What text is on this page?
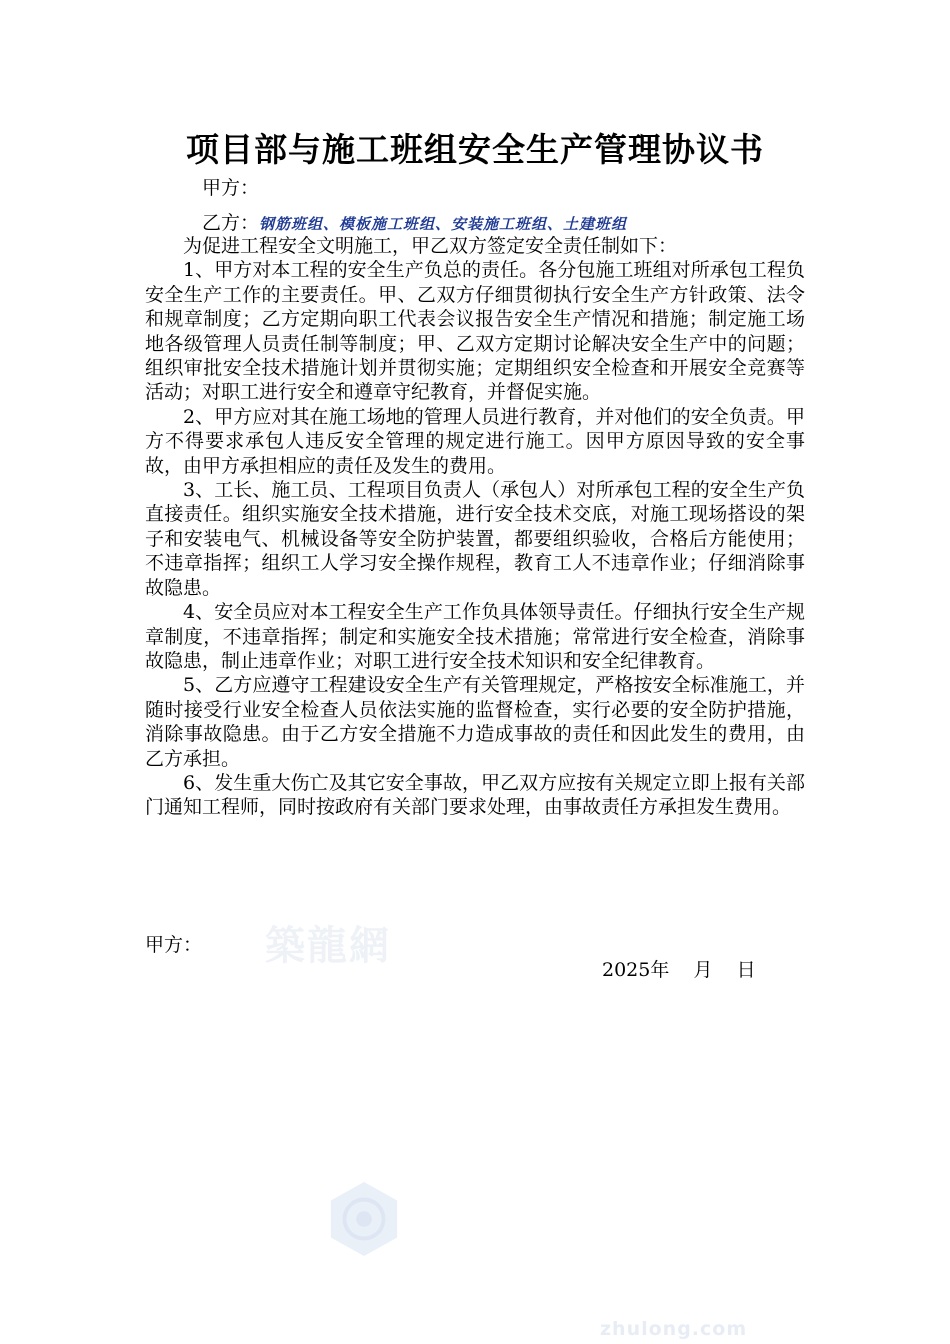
築龍網
zhulong.com
项目部与施工班组安全生产管理协议书
甲方：
乙方：钢筋班组、模板施工班组、安装施工班组、土建班组

为促进工程安全文明施工，甲乙双方签定安全责任制如下：

1、甲方对本工程的安全生产负总的责任。各分包施工班组对所承包工程负安全生产工作的主要责任。甲、乙双方仔细贯彻执行安全生产方针政策、法令和规章制度；乙方定期向职工代表会议报告安全生产情况和措施；制定施工场地各级管理人员责任制等制度；甲、乙双方定期讨论解决安全生产中的问题；组织审批安全技术措施计划并贯彻实施；定期组织安全检查和开展安全竞赛等活动；对职工进行安全和遵章守纪教育，并督促实施。

2、甲方应对其在施工场地的管理人员进行教育，并对他们的安全负责。甲方不得要求承包人违反安全管理的规定进行施工。因甲方原因导致的安全事故，由甲方承担相应的责任及发生的费用。

3、工长、施工员、工程项目负责人（承包人）对所承包工程的安全生产负直接责任。组织实施安全技术措施，进行安全技术交底，对施工现场搭设的架子和安装电气、机械设备等安全防护装置，都要组织验收，合格后方能使用；不违章指挥；组织工人学习安全操作规程，教育工人不违章作业；仔细消除事故隐患。

4、安全员应对本工程安全生产工作负具体领导责任。仔细执行安全生产规章制度，不违章指挥；制定和实施安全技术措施；常常进行安全检查，消除事故隐患，制止违章作业；对职工进行安全技术知识和安全纪律教育。

5、乙方应遵守工程建设安全生产有关管理规定，严格按安全标准施工，并随时接受行业安全检查人员依法实施的监督检查，实行必要的安全防护措施，消除事故隐患。由于乙方安全措施不力造成事故的责任和因此发生的费用，由乙方承担。

6、发生重大伤亡及其它安全事故，甲乙双方应按有关规定立即上报有关部门通知工程师，同时按政府有关部门要求处理，由事故责任方承担发生费用。

甲方：
2025年    月    日
